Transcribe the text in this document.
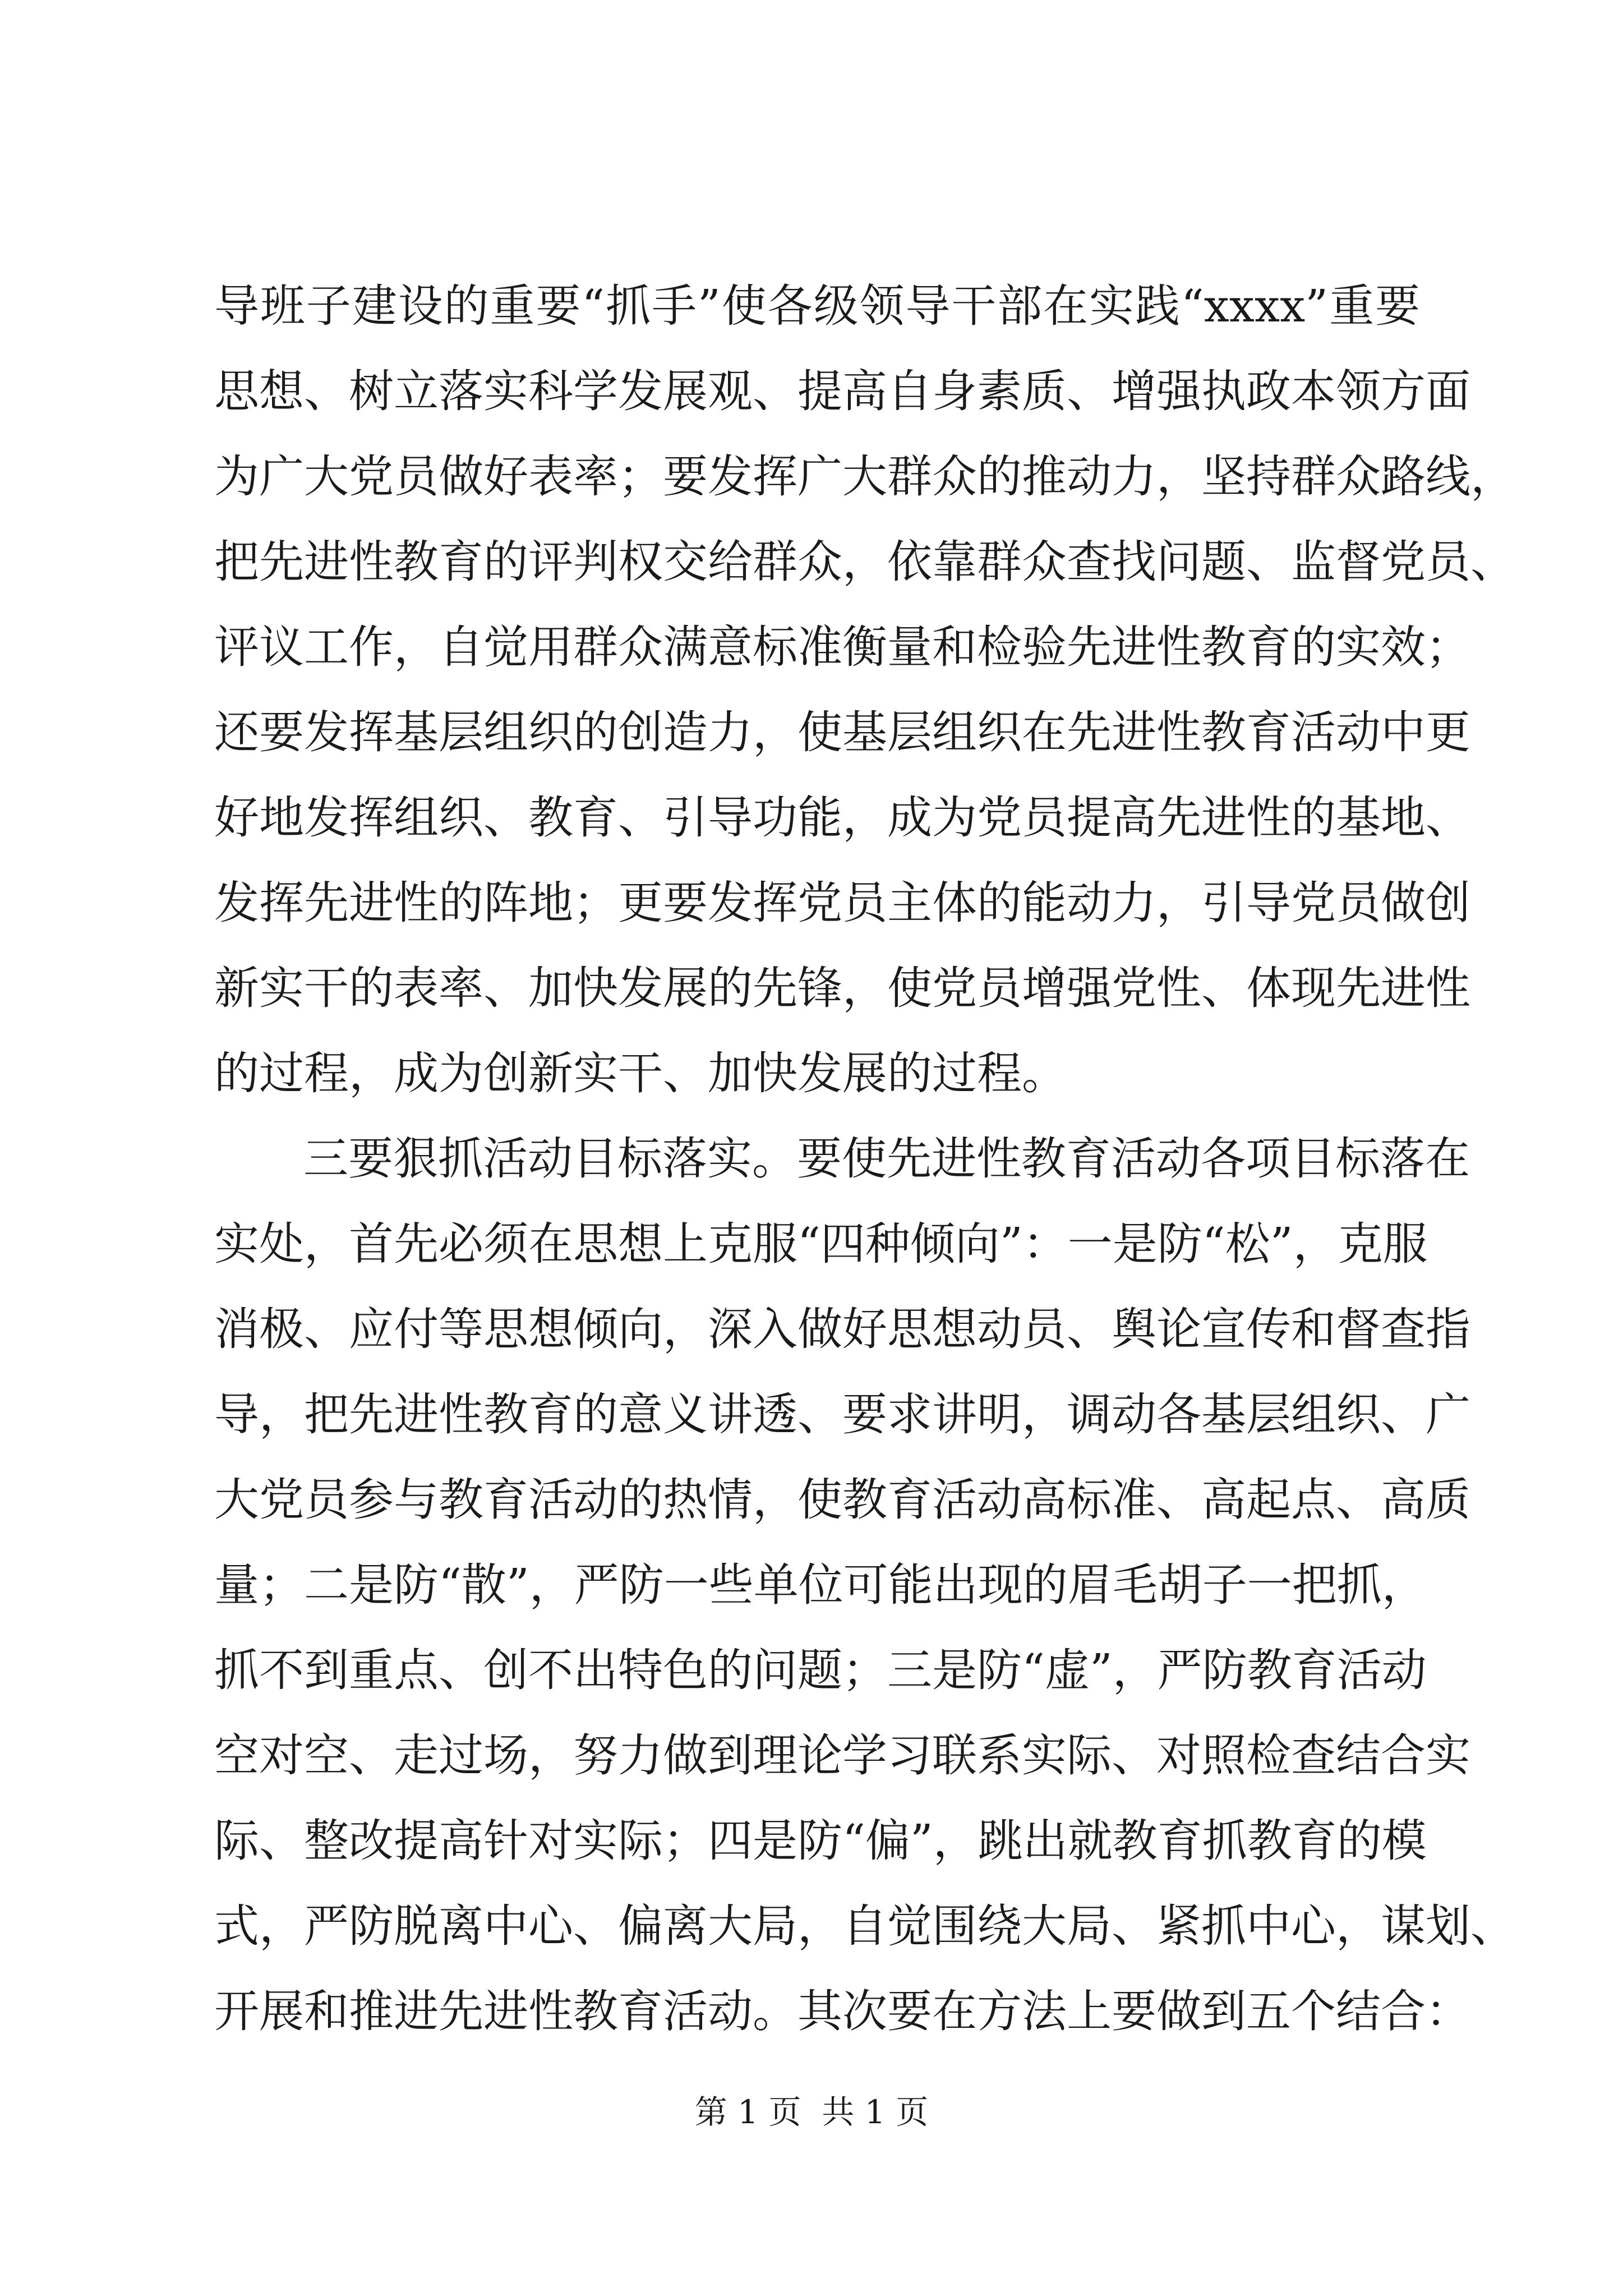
导班子建设的重要“抓手”使各级领导干部在实践“xxxx”重要
思想、树立落实科学发展观、提高自身素质、增强执政本领方面
为广大党员做好表率；要发挥广大群众的推动力，坚持群众路线，
把先进性教育的评判权交给群众，依靠群众查找问题、监督党员、
评议工作，自觉用群众满意标准衡量和检验先进性教育的实效；
还要发挥基层组织的创造力，使基层组织在先进性教育活动中更
好地发挥组织、教育、引导功能，成为党员提高先进性的基地、
发挥先进性的阵地；更要发挥党员主体的能动力，引导党员做创
新实干的表率、加快发展的先锋，使党员增强党性、体现先进性
的过程，成为创新实干、加快发展的过程。
三要狠抓活动目标落实。要使先进性教育活动各项目标落在
实处，首先必须在思想上克服“四种倾向”：一是防“松”，克服
消极、应付等思想倾向，深入做好思想动员、舆论宣传和督查指
导，把先进性教育的意义讲透、要求讲明，调动各基层组织、广
大党员参与教育活动的热情，使教育活动高标准、高起点、高质
量；二是防“散”，严防一些单位可能出现的眉毛胡子一把抓，
抓不到重点、创不出特色的问题；三是防“虚”，严防教育活动
空对空、走过场，努力做到理论学习联系实际、对照检查结合实
际、整改提高针对实际；四是防“偏”，跳出就教育抓教育的模
式，严防脱离中心、偏离大局，自觉围绕大局、紧抓中心，谋划、
开展和推进先进性教育活动。其次要在方法上要做到五个结合：
第 1 页  共 1 页
